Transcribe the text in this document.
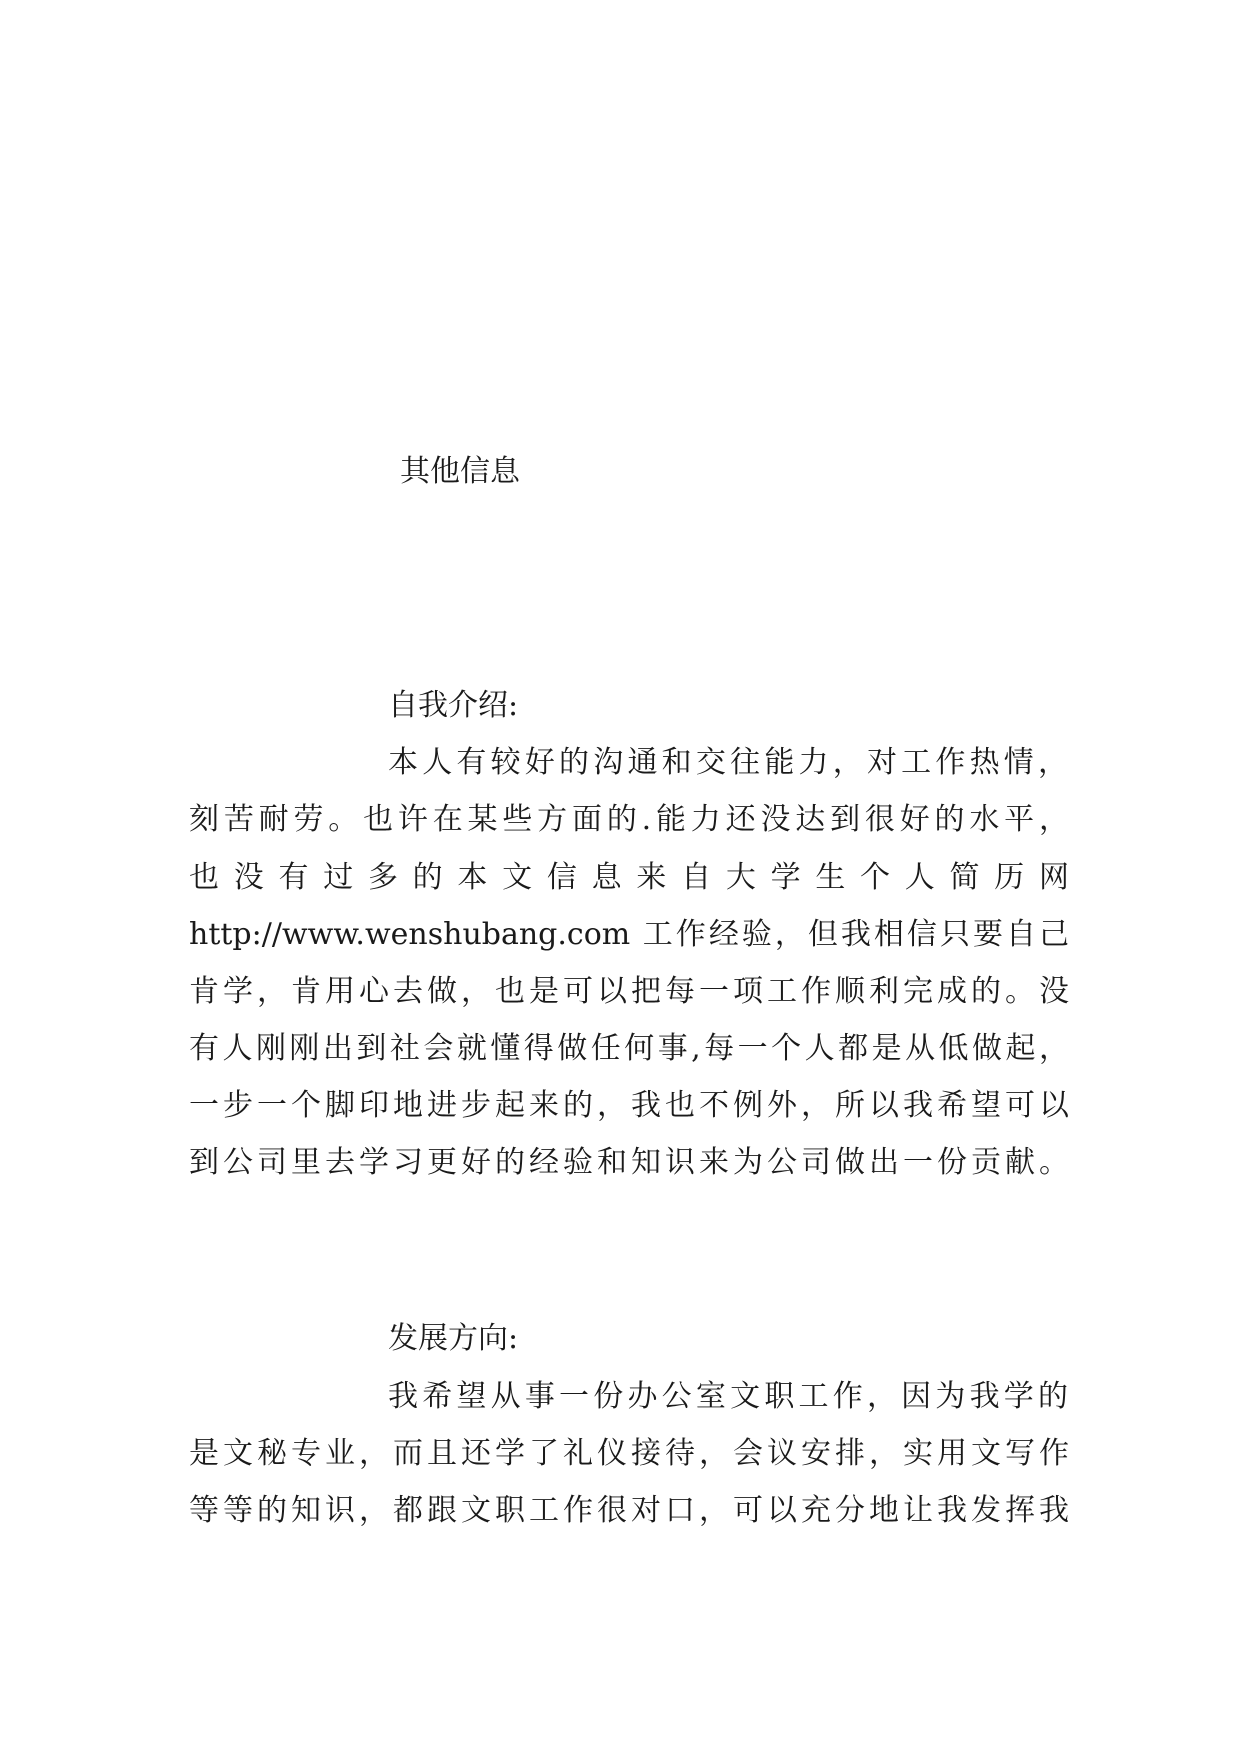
其他信息
自我介绍:
本人有较好的沟通和交往能力，对工作热情，
刻苦耐劳。也许在某些方面的.能力还没达到很好的水平，
也没有过多的本文信息来自大学生个人简历网
http://www.wenshubang.com 工作经验，但我相信只要自己
肯学，肯用心去做，也是可以把每一项工作顺利完成的。没
有人刚刚出到社会就懂得做任何事,每一个人都是从低做起，
一步一个脚印地进步起来的，我也不例外，所以我希望可以
到公司里去学习更好的经验和知识来为公司做出一份贡献。
发展方向:
我希望从事一份办公室文职工作，因为我学的
是文秘专业，而且还学了礼仪接待，会议安排，实用文写作
等等的知识，都跟文职工作很对口，可以充分地让我发挥我
